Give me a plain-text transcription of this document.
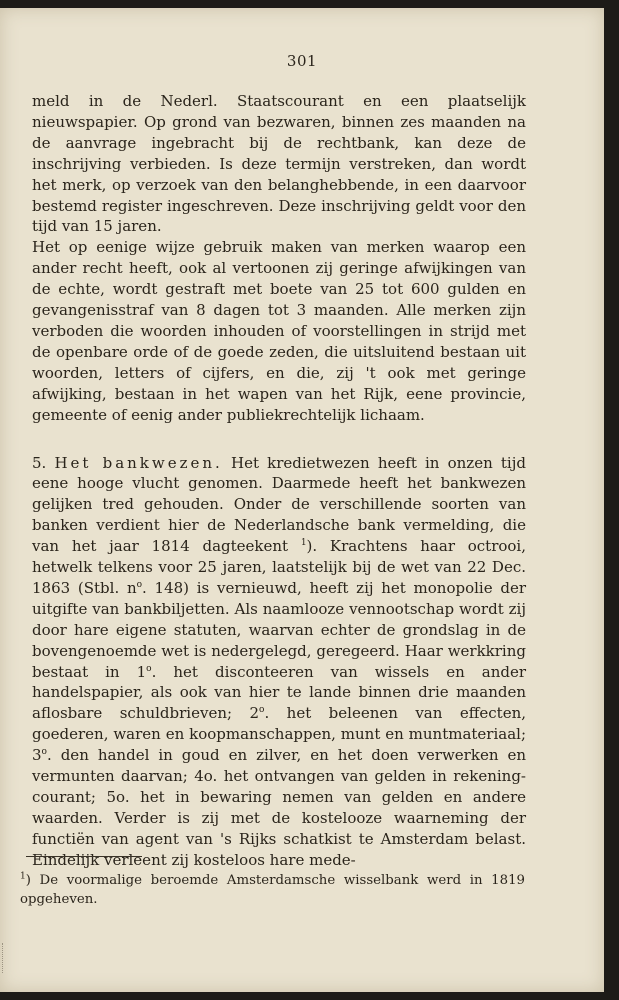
301

meld in de Nederl. Staatscourant en een plaatselijk nieuwspapier. Op grond van bezwaren, binnen zes maanden na de aanvrage ingebracht bij de rechtbank, kan deze de inschrijving verbieden. Is deze termijn verstreken, dan wordt het merk, op verzoek van den belanghebbende, in een daarvoor bestemd register ingeschreven. Deze inschrijving geldt voor den tijd van 15 jaren.

Het op eenige wijze gebruik maken van merken waarop een ander recht heeft, ook al vertoonen zij geringe afwijkingen van de echte, wordt gestraft met boete van 25 tot 600 gulden en gevangenisstraf van 8 dagen tot 3 maanden. Alle merken zijn verboden die woorden inhouden of voorstellingen in strijd met de openbare orde of de goede zeden, die uitsluitend bestaan uit woorden, letters of cijfers, en die, zij 't ook met geringe afwijking, bestaan in het wapen van het Rijk, eene provincie, gemeente of eenig ander publiekrechtelijk lichaam.

5. Het bankwezen. Het kredietwezen heeft in onzen tijd eene hooge vlucht genomen. Daarmede heeft het bankwezen gelijken tred gehouden. Onder de verschillende soorten van banken verdient hier de Nederlandsche bank vermelding, die van het jaar 1814 dagteekent $^1$). Krachtens haar octrooi, hetwelk telkens voor 25 jaren, laatstelijk bij de wet van 22 Dec. 1863 (Stbl. $n^o$. 148) is vernieuwd, heeft zij het monopolie der uitgifte van bankbiljetten. Als naamlooze vennootschap wordt zij door hare eigene statuten, waarvan echter de grondslag in de bovengenoemde wet is nedergelegd, geregeerd. Haar werkkring bestaat in 1$^o$. het disconteeren van wissels en ander handelspapier, als ook van hier te lande binnen drie maanden aflosbare schuldbrieven; 2$^o$. het beleenen van effecten, goederen, waren en koopmanschappen, munt en muntmateriaal; 3$^o$. den handel in goud en zilver, en het doen verwerken en vermunten daarvan; 4o. het ontvangen van gelden in rekening-courant; 5o. het in bewaring nemen van gelden en andere waarden. Verder is zij met de kostelooze waarneming der functiën van agent van 's Rijks schatkist te Amsterdam belast. Eindelijk verleent zij kosteloos hare mede-

$^1$) De voormalige beroemde Amsterdamsche wisselbank werd in 1819 opgeheven.
